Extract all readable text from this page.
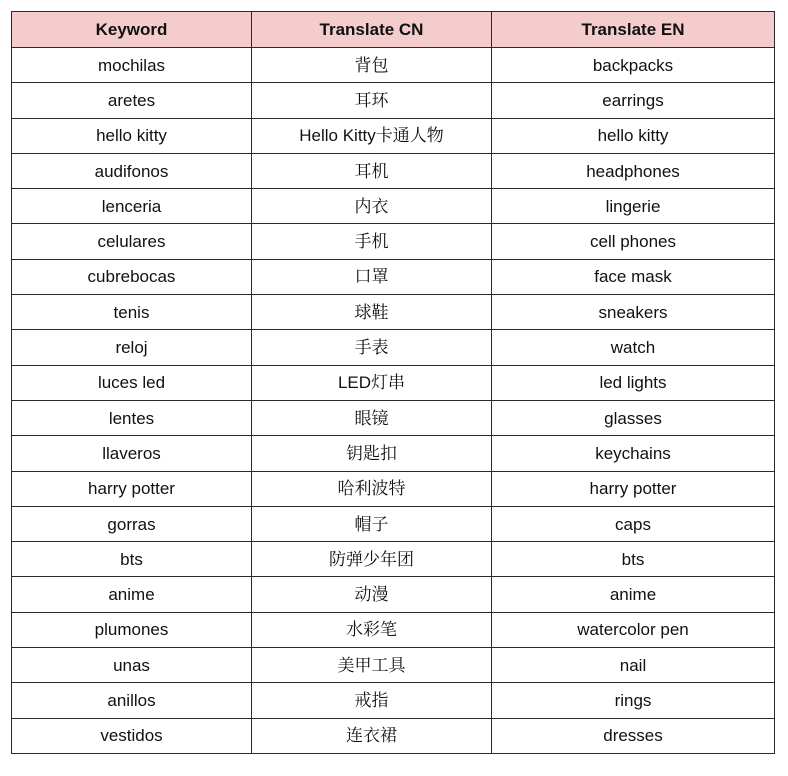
Keyword	Translate CN	Translate EN
mochilas	背包	backpacks
aretes	耳环	earrings
hello kitty	Hello Kitty卡通人物	hello kitty
audifonos	耳机	headphones
lenceria	内衣	lingerie
celulares	手机	cell phones
cubrebocas	口罩	face mask
tenis	球鞋	sneakers
reloj	手表	watch
luces led	LED灯串	led lights
lentes	眼镜	glasses
llaveros	钥匙扣	keychains
harry potter	哈利波特	harry potter
gorras	帽子	caps
bts	防弹少年团	bts
anime	动漫	anime
plumones	水彩笔	watercolor pen
unas	美甲工具	nail
anillos	戒指	rings
vestidos	连衣裙	dresses
